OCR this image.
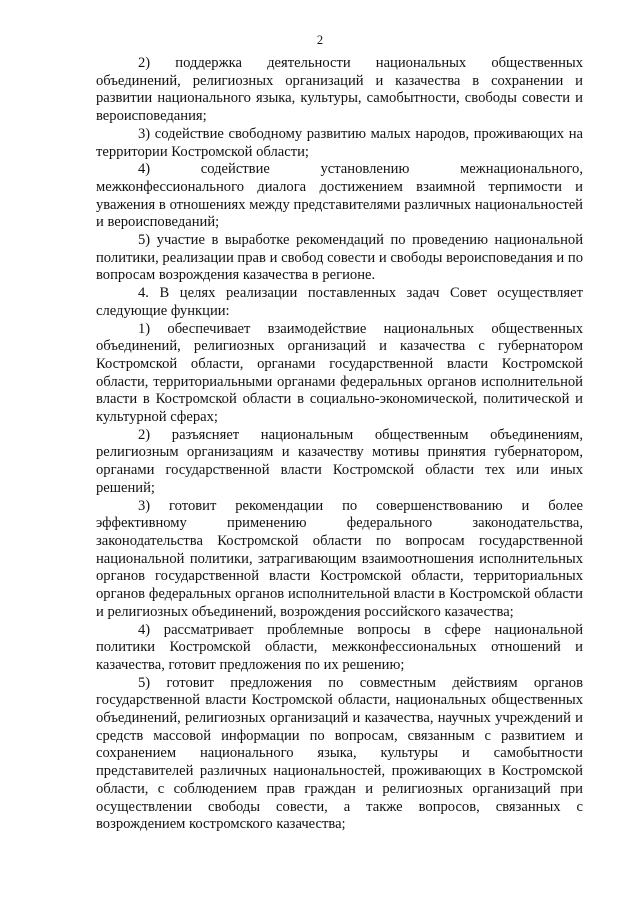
2

2) поддержка деятельности национальных общественных объединений, религиозных организаций и казачества в сохранении и развитии национального языка, культуры, самобытности, свободы совести и вероисповедания;

3) содействие свободному развитию малых народов, проживающих на территории Костромской области;

4) содействие установлению межнационального, межконфессионального диалога достижением взаимной терпимости и уважения в отношениях между представителями различных национальностей и вероисповеданий;

5) участие в выработке рекомендаций по проведению национальной политики, реализации прав и свобод совести и свободы вероисповедания и по вопросам возрождения казачества в регионе.

4. В целях реализации поставленных задач Совет осуществляет следующие функции:

1) обеспечивает взаимодействие национальных общественных объединений, религиозных организаций и казачества с губернатором Костромской области, органами государственной власти Костромской области, территориальными органами федеральных органов исполнительной власти в Костромской области в социально-экономической, политической и культурной сферах;

2) разъясняет национальным общественным объединениям, религиозным организациям и казачеству мотивы принятия губернатором, органами государственной власти Костромской области тех или иных решений;

3) готовит рекомендации по совершенствованию и более эффективному применению федерального законодательства, законодательства Костромской области по вопросам государственной национальной политики, затрагивающим взаимоотношения исполнительных органов государственной власти Костромской области, территориальных органов федеральных органов исполнительной власти в Костромской области и религиозных объединений, возрождения российского казачества;

4) рассматривает проблемные вопросы в сфере национальной политики Костромской области, межконфессиональных отношений и казачества, готовит предложения по их решению;

5) готовит предложения по совместным действиям органов государственной власти Костромской области, национальных общественных объединений, религиозных организаций и казачества, научных учреждений и средств массовой информации по вопросам, связанным с развитием и сохранением национального языка, культуры и самобытности представителей различных национальностей, проживающих в Костромской области, с соблюдением прав граждан и религиозных организаций при осуществлении свободы совести, а также вопросов, связанных с возрождением костромского казачества;
